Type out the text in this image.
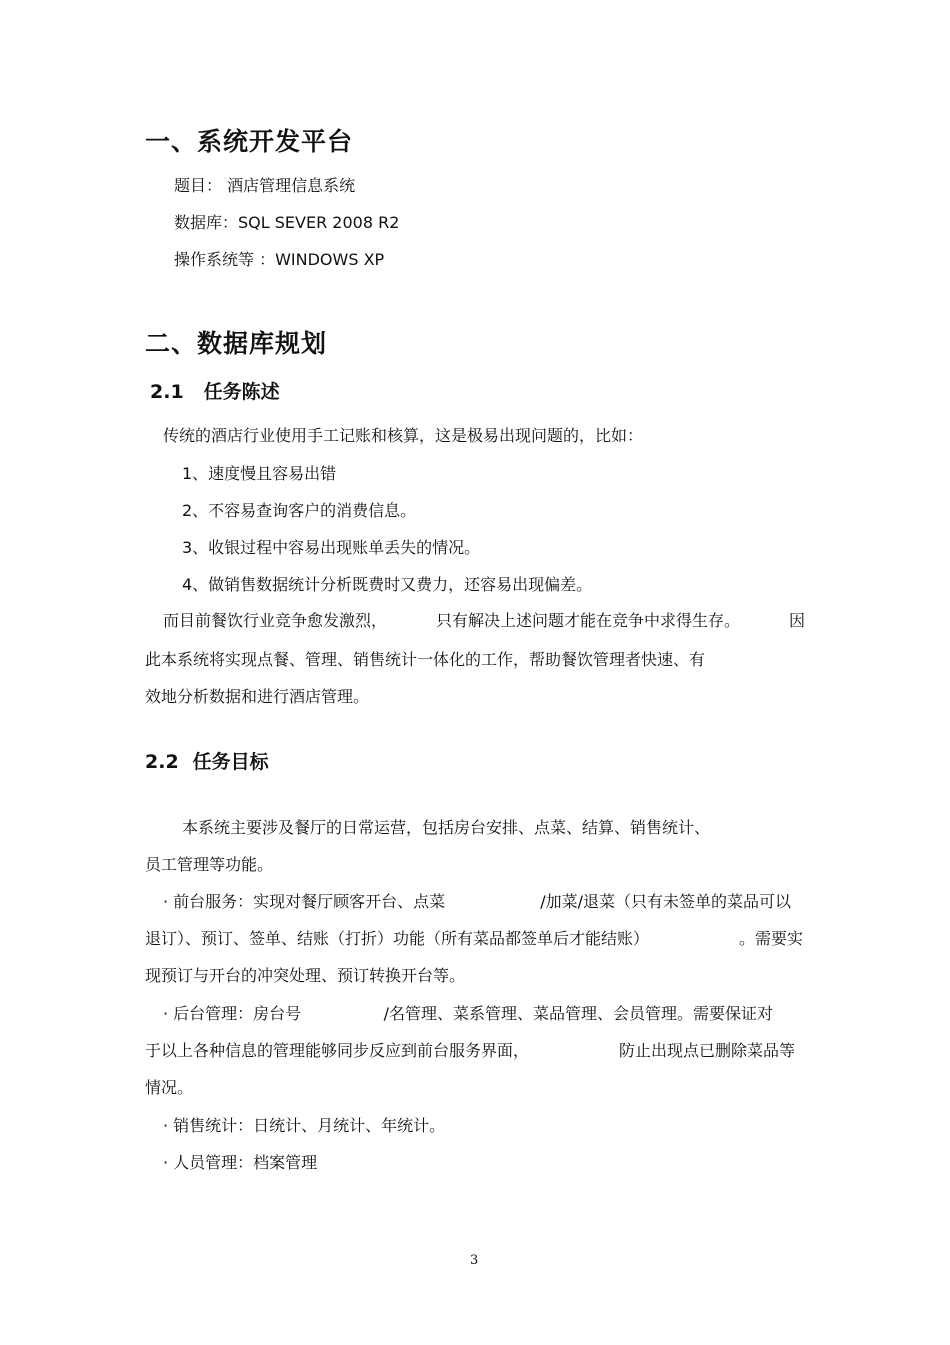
一、系统开发平台

题目： 酒店管理信息系统

数据库：SQL SEVER 2008 R2

操作系统等 ：WINDOWS XP

二、数据库规划
2.1 任务陈述

传统的酒店行业使用手工记账和核算，这是极易出现问题的，比如：

1、速度慢且容易出错

2、不容易查询客户的消费信息。

3、收银过程中容易出现账单丢失的情况。

4、做销售数据统计分析既费时又费力，还容易出现偏差。

而目前餐饮行业竞争愈发激烈，	只有解决上述问题才能在竞争中求得生存。	因

此本系统将实现点餐、管理、销售统计一体化的工作，帮助餐饮管理者快速、有

效地分析数据和进行酒店管理。

2.2 任务目标

本系统主要涉及餐厅的日常运营，包括房台安排、点菜、结算、销售统计、

员工管理等功能。

· 前台服务：实现对餐厅顾客开台、点菜	/加菜/退菜（只有未签单的菜品可以
退订）、预订、签单、结账（打折）功能（所有菜品都签单后才能结账）	。需要实

现预订与开台的冲突处理、预订转换开台等。

· 后台管理：房台号	/名管理、菜系管理、菜品管理、会员管理。需要保证对
于以上各种信息的管理能够同步反应到前台服务界面，	防止出现点已删除菜品等

情况。

· 销售统计：日统计、月统计、年统计。

· 人员管理：档案管理

3
